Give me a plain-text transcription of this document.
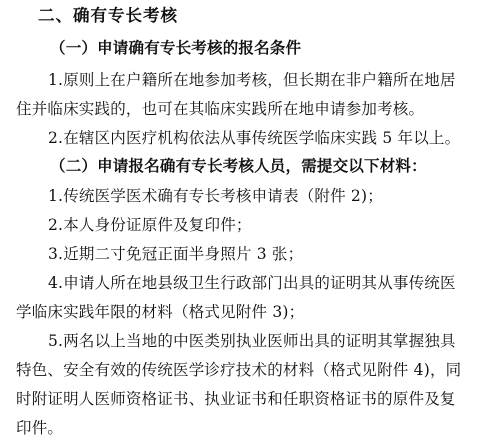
二、确有专长考核
（一）申请确有专长考核的报名条件
1.原则上在户籍所在地参加考核，但长期在非户籍所在地居
住并临床实践的，也可在其临床实践所在地申请参加考核。
2.在辖区内医疗机构依法从事传统医学临床实践 5 年以上。
（二）申请报名确有专长考核人员，需提交以下材料：
1.传统医学医术确有专长考核申请表（附件 2)；
2.本人身份证原件及复印件；
3.近期二寸免冠正面半身照片 3 张；
4.申请人所在地县级卫生行政部门出具的证明其从事传统医
学临床实践年限的材料（格式见附件 3)；
5.两名以上当地的中医类别执业医师出具的证明其掌握独具
特色、安全有效的传统医学诊疗技术的材料（格式见附件 4)，同
时附证明人医师资格证书、执业证书和任职资格证书的原件及复
印件。
